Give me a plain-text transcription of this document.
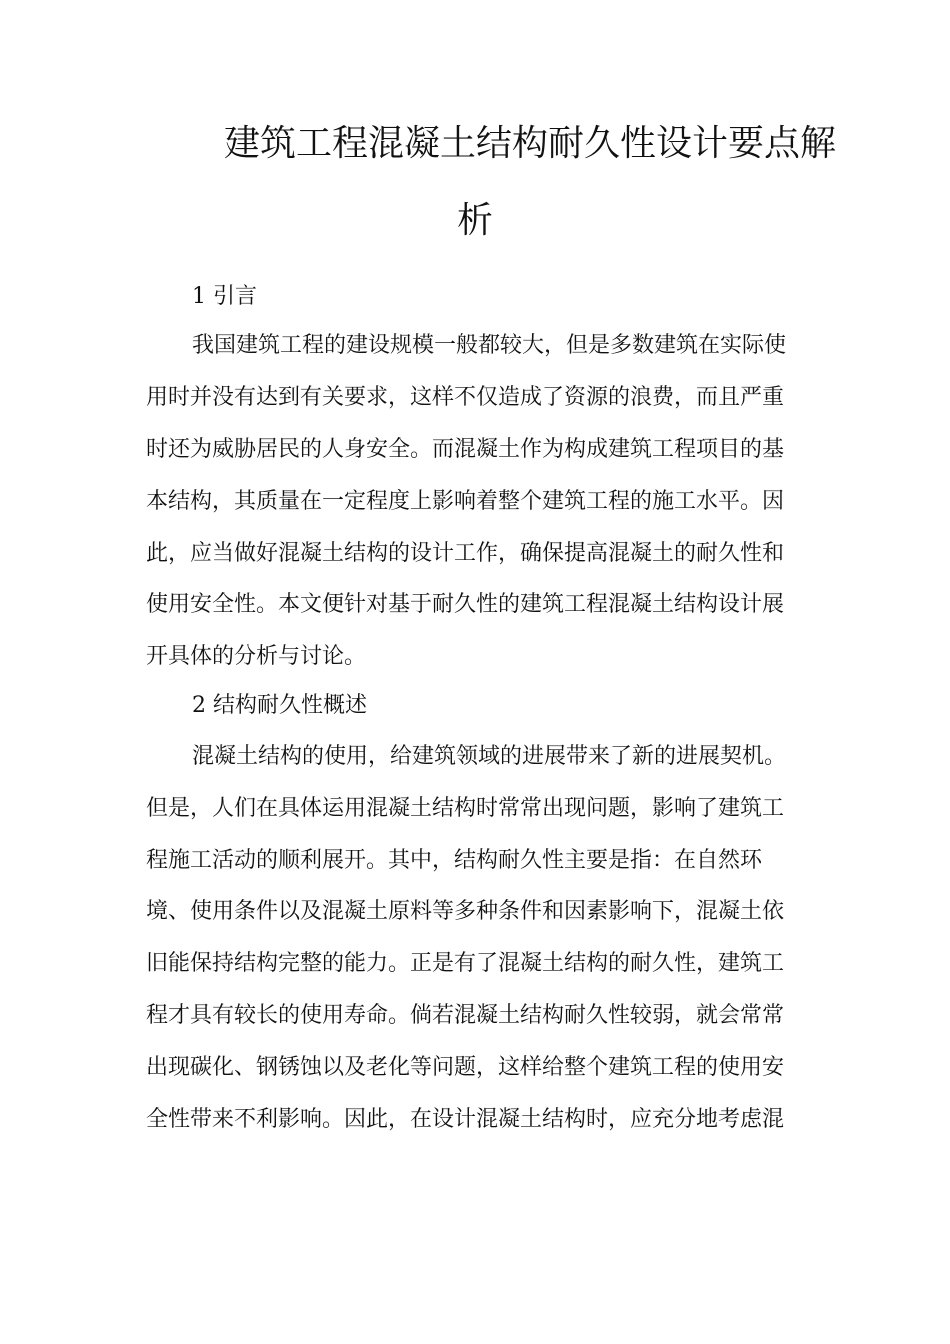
建筑工程混凝土结构耐久性设计要点解
析
1 引言
我国建筑工程的建设规模一般都较大，但是多数建筑在实际使
用时并没有达到有关要求，这样不仅造成了资源的浪费，而且严重
时还为威胁居民的人身安全。而混凝土作为构成建筑工程项目的基
本结构，其质量在一定程度上影响着整个建筑工程的施工水平。因
此，应当做好混凝土结构的设计工作，确保提高混凝土的耐久性和
使用安全性。本文便针对基于耐久性的建筑工程混凝土结构设计展
开具体的分析与讨论。
2 结构耐久性概述
混凝土结构的使用，给建筑领域的进展带来了新的进展契机。
但是，人们在具体运用混凝土结构时常常出现问题，影响了建筑工
程施工活动的顺利展开。其中，结构耐久性主要是指：在自然环
境、使用条件以及混凝土原料等多种条件和因素影响下，混凝土依
旧能保持结构完整的能力。正是有了混凝土结构的耐久性，建筑工
程才具有较长的使用寿命。倘若混凝土结构耐久性较弱，就会常常
出现碳化、钢锈蚀以及老化等问题，这样给整个建筑工程的使用安
全性带来不利影响。因此，在设计混凝土结构时，应充分地考虑混
